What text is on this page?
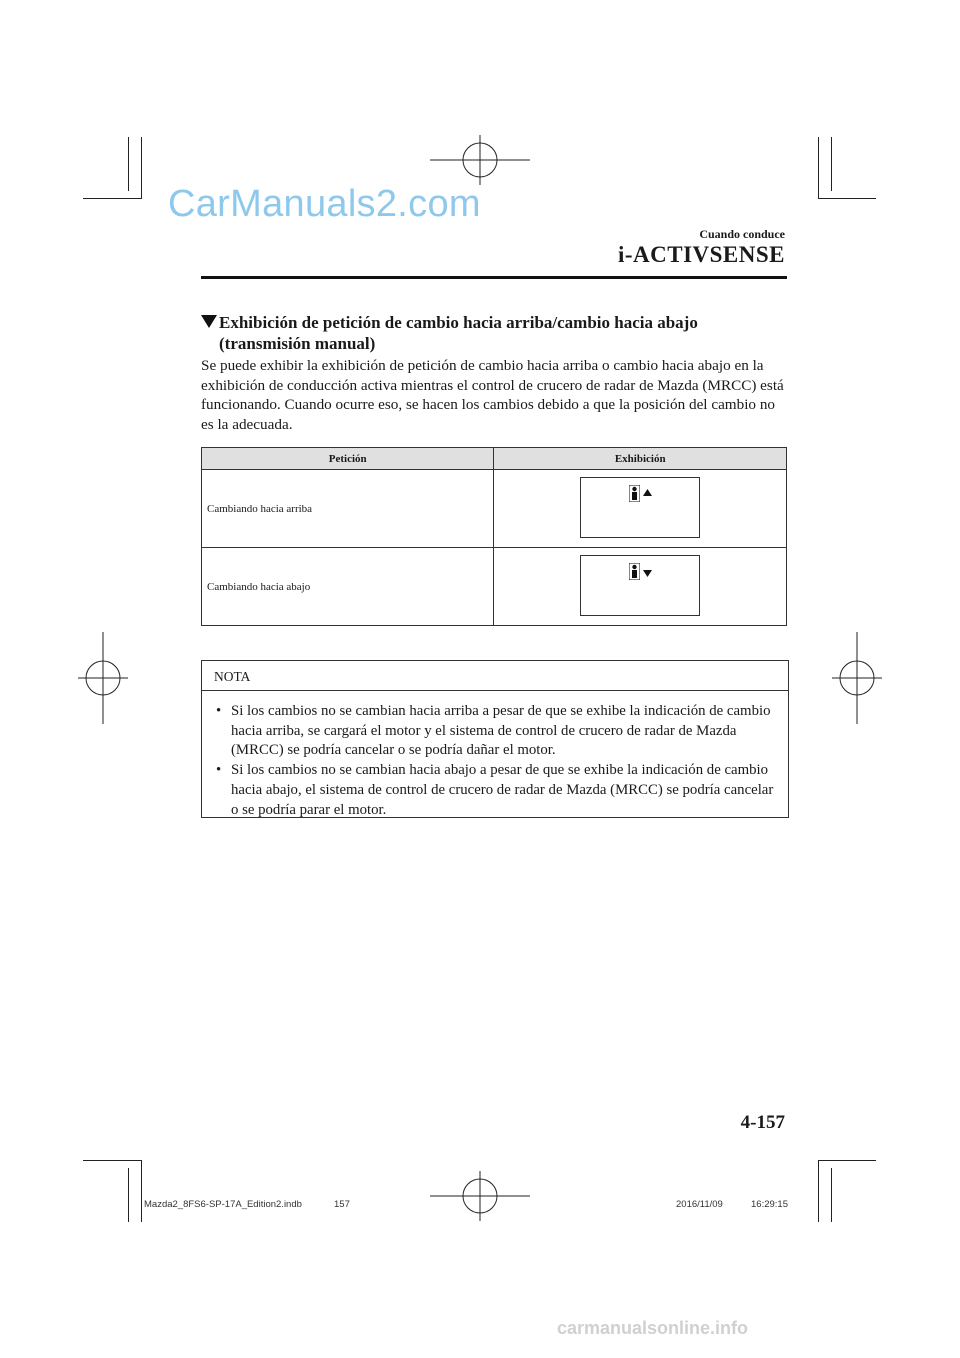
CarManuals2.com
Cuando conduce
i-ACTIVSENSE
Exhibición de petición de cambio hacia arriba/cambio hacia abajo
(transmisión manual)
Se puede exhibir la exhibición de petición de cambio hacia arriba o cambio hacia abajo en la exhibición de conducción activa mientras el control de crucero de radar de Mazda (MRCC) está funcionando. Cuando ocurre eso, se hacen los cambios debido a que la posición del cambio no es la adecuada.
Petición	Exhibición
Cambiando hacia arriba	

Cambiando hacia abajo	
NOTA
• Si los cambios no se cambian hacia arriba a pesar de que se exhibe la indicación de cambio hacia arriba, se cargará el motor y el sistema de control de crucero de radar de Mazda (MRCC) se podría cancelar o se podría dañar el motor.
• Si los cambios no se cambian hacia abajo a pesar de que se exhibe la indicación de cambio hacia abajo, el sistema de control de crucero de radar de Mazda (MRCC) se podría cancelar o se podría parar el motor.
4-157
Mazda2_8FS6-SP-17A_Edition2.indb	157	2016/11/09	16:29:15
carmanualsonline.info
